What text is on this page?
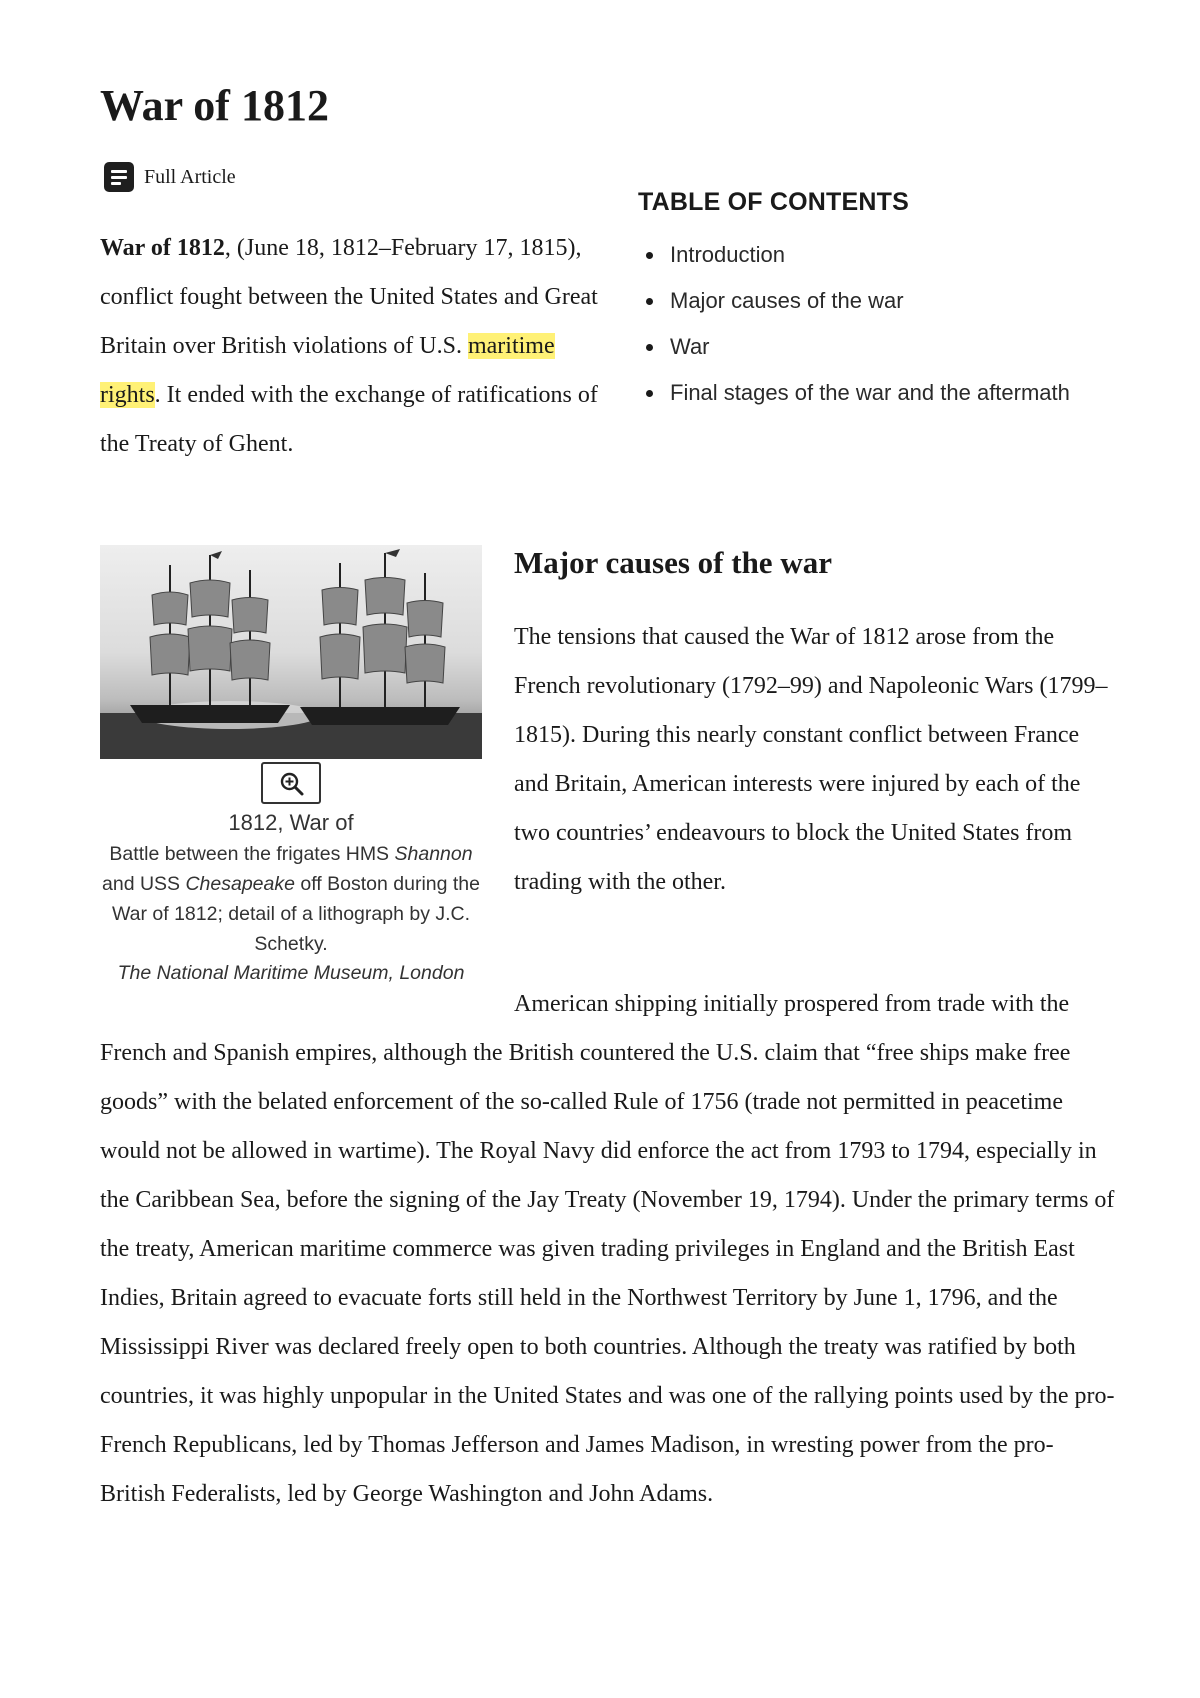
War of 1812
Full Article

TABLE OF CONTENTS

Introduction
Major causes of the war
War
Final stages of the war and the aftermath

War of 1812, (June 18, 1812–February 17, 1815), conflict fought between the United States and Great Britain over British violations of U.S. maritime rights. It ended with the exchange of ratifications of the Treaty of Ghent.

1812, War of
Battle between the frigates HMS Shannon and USS Chesapeake off Boston during the War of 1812; detail of a lithograph by J.C. Schetky.
The National Maritime Museum, London
Major causes of the war

The tensions that caused the War of 1812 arose from the French revolutionary (1792–99) and Napoleonic Wars (1799–1815). During this nearly constant conflict between France and Britain, American interests were injured by each of the two countries’ endeavours to block the United States from trading with the other.

American shipping initially prospered from trade with the French and Spanish empires, although the British countered the U.S. claim that “free ships make free goods” with the belated enforcement of the so-called Rule of 1756 (trade not permitted in peacetime would not be allowed in wartime). The Royal Navy did enforce the act from 1793 to 1794, especially in the Caribbean Sea, before the signing of the Jay Treaty (November 19, 1794). Under the primary terms of the treaty, American maritime commerce was given trading privileges in England and the British East Indies, Britain agreed to evacuate forts still held in the Northwest Territory by June 1, 1796, and the Mississippi River was declared freely open to both countries. Although the treaty was ratified by both countries, it was highly unpopular in the United States and was one of the rallying points used by the pro-French Republicans, led by Thomas Jefferson and James Madison, in wresting power from the pro-British Federalists, led by George Washington and John Adams.
